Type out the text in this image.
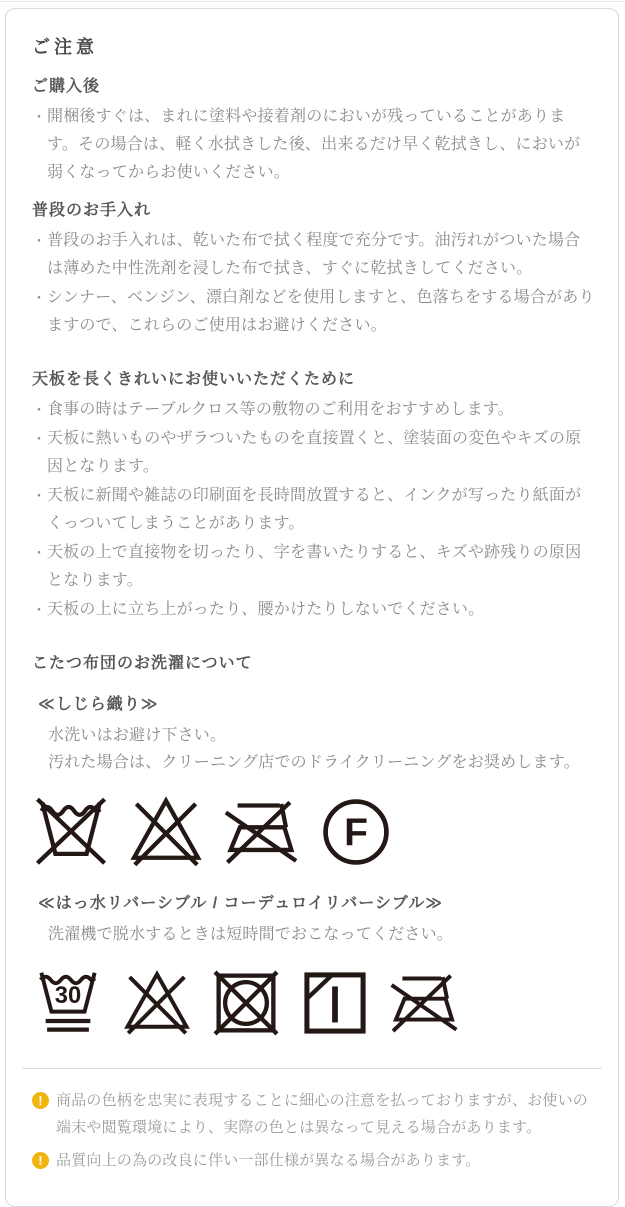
ご注意
ご購入後
・ 開梱後すぐは、まれに塗料や接着剤のにおいが残っていることがあります。その場合は、軽く水拭きした後、出来るだけ早く乾拭きし、においが弱くなってからお使いください。

普段のお手入れ
・ 普段のお手入れは、乾いた布で拭く程度で充分です。油汚れがついた場合は薄めた中性洗剤を浸した布で拭き、すぐに乾拭きしてください。

・ シンナー、ベンジン、漂白剤などを使用しますと、色落ちをする場合がありますので、これらのご使用はお避けください。

天板を長くきれいにお使いいただくために
・ 食事の時はテーブルクロス等の敷物のご利用をおすすめします。

・ 天板に熱いものやザラついたものを直接置くと、塗装面の変色やキズの原因となります。

・ 天板に新聞や雑誌の印刷面を長時間放置すると、インクが写ったり紙面がくっついてしまうことがあります。

・ 天板の上で直接物を切ったり、字を書いたりすると、キズや跡残りの原因となります。

・ 天板の上に立ち上がったり、腰かけたりしないでください。

こたつ布団のお洗濯について
≪しじら織り≫
水洗いはお避け下さい。
汚れた場合は、クリーニング店でのドライクリーニングをお奨めします。
F
≪はっ水リバーシブル / コーデュロイリバーシブル≫
洗濯機で脱水するときは短時間でおこなってください。
30
! 商品の色柄を忠実に表現することに細心の注意を払っておりますが、お使いの端末や閲覧環境により、実際の色とは異なって見える場合があります。

! 品質向上の為の改良に伴い一部仕様が異なる場合があります。
